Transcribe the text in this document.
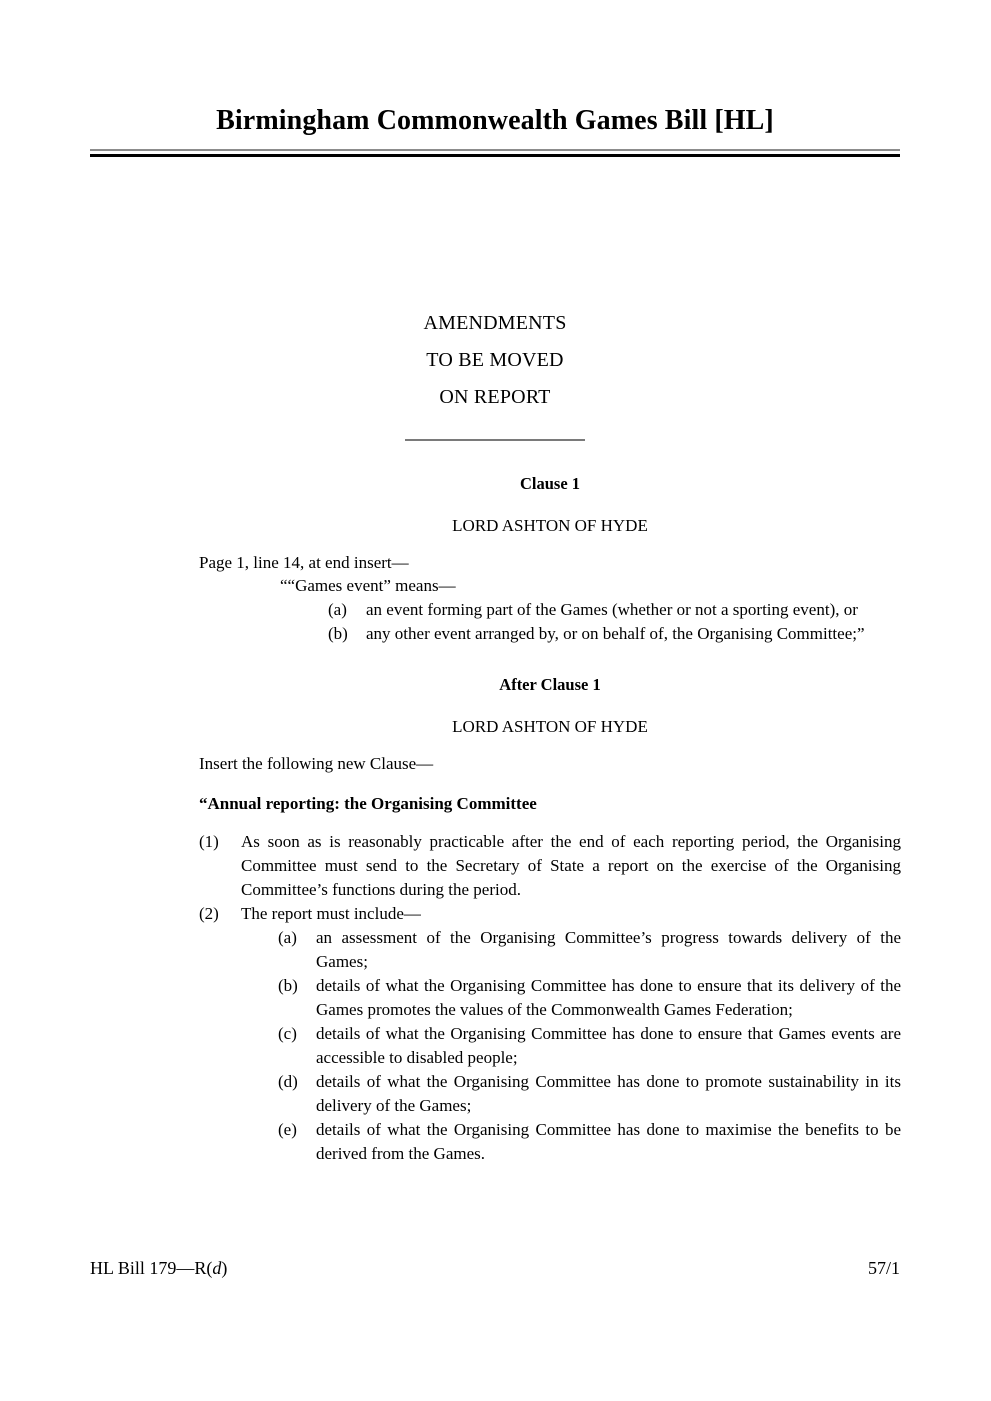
Birmingham Commonwealth Games Bill [HL]
AMENDMENTS
TO BE MOVED
ON REPORT

Clause 1

LORD ASHTON OF HYDE

Page 1, line 14, at end insert—

““Games event” means—
(a)	an event forming part of the Games (whether or not a sporting event), or
(b)	any other event arranged by, or on behalf of, the Organising Committee;”

After Clause 1

LORD ASHTON OF HYDE

Insert the following new Clause—

“Annual reporting: the Organising Committee

(1)	As soon as is reasonably practicable after the end of each reporting period, the Organising Committee must send to the Secretary of State a report on the exercise of the Organising Committee’s functions during the period.
(2)	The report must include—
(a)	an assessment of the Organising Committee’s progress towards delivery of the Games;
(b)	details of what the Organising Committee has done to ensure that its delivery of the Games promotes the values of the Commonwealth Games Federation;
(c)	details of what the Organising Committee has done to ensure that Games events are accessible to disabled people;
(d)	details of what the Organising Committee has done to promote sustainability in its delivery of the Games;
(e)	details of what the Organising Committee has done to maximise the benefits to be derived from the Games.
HL Bill 179—R(d)	57/1
